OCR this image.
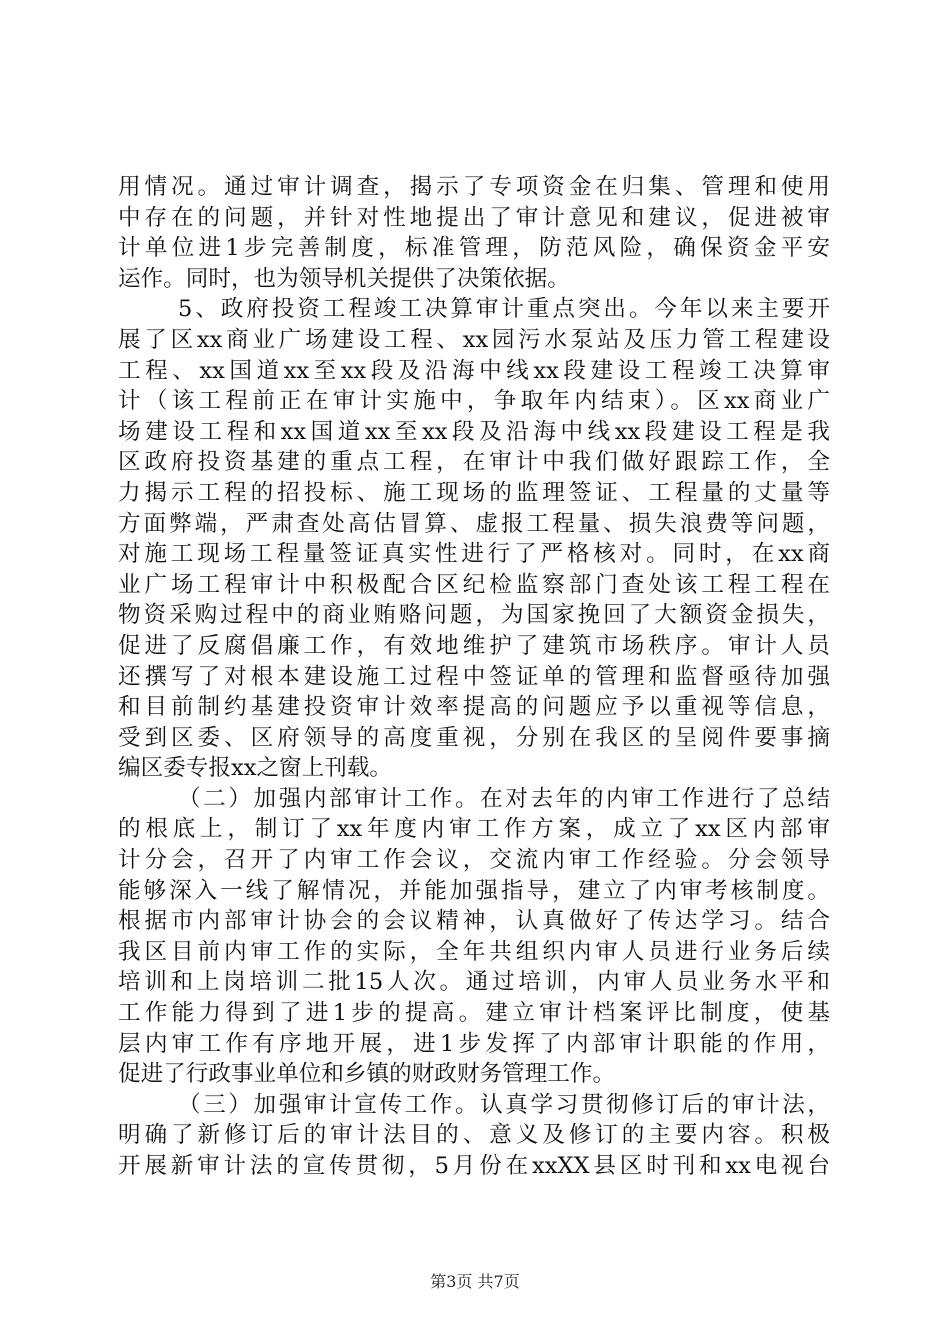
用情况。通过审计调查，揭示了专项资金在归集、管理和使用
中存在的问题，并针对性地提出了审计意见和建议，促进被审
计单位进1步完善制度，标准管理，防范风险，确保资金平安
运作。同时，也为领导机关提供了决策依据。
5、政府投资工程竣工决算审计重点突出。今年以来主要开
展了区xx商业广场建设工程、xx园污水泵站及压力管工程建设
工程、xx国道xx至xx段及沿海中线xx段建设工程竣工决算审
计（该工程前正在审计实施中，争取年内结束）。区xx商业广
场建设工程和xx国道xx至xx段及沿海中线xx段建设工程是我
区政府投资基建的重点工程，在审计中我们做好跟踪工作，全
力揭示工程的招投标、施工现场的监理签证、工程量的丈量等
方面弊端，严肃查处高估冒算、虚报工程量、损失浪费等问题，
对施工现场工程量签证真实性进行了严格核对。同时，在xx商
业广场工程审计中积极配合区纪检监察部门查处该工程工程在
物资采购过程中的商业贿赂问题，为国家挽回了大额资金损失，
促进了反腐倡廉工作，有效地维护了建筑市场秩序。审计人员
还撰写了对根本建设施工过程中签证单的管理和监督亟待加强
和目前制约基建投资审计效率提高的问题应予以重视等信息，
受到区委、区府领导的高度重视，分别在我区的呈阅件要事摘
编区委专报xx之窗上刊载。
（二）加强内部审计工作。在对去年的内审工作进行了总结
的根底上，制订了xx年度内审工作方案，成立了xx区内部审
计分会，召开了内审工作会议，交流内审工作经验。分会领导
能够深入一线了解情况，并能加强指导，建立了内审考核制度。
根据市内部审计协会的会议精神，认真做好了传达学习。结合
我区目前内审工作的实际，全年共组织内审人员进行业务后续
培训和上岗培训二批15人次。通过培训，内审人员业务水平和
工作能力得到了进1步的提高。建立审计档案评比制度，使基
层内审工作有序地开展，进1步发挥了内部审计职能的作用，
促进了行政事业单位和乡镇的财政财务管理工作。
（三）加强审计宣传工作。认真学习贯彻修订后的审计法，
明确了新修订后的审计法目的、意义及修订的主要内容。积极
开展新审计法的宣传贯彻，5月份在xxXX县区时刊和xx电视台
第3页 共7页
